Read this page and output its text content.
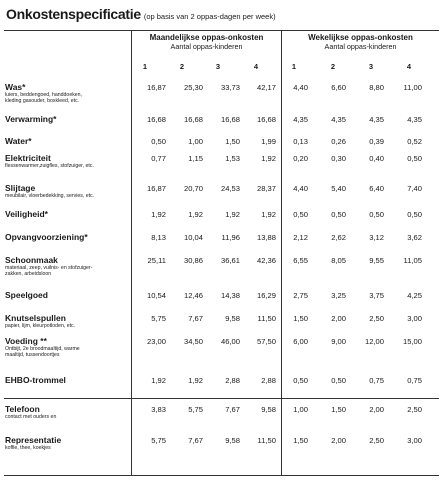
Onkostenspecificatie (op basis van 2 oppas-dagen per week)
Maandelijkse oppas-onkosten
Aantal oppas-kinderen
Wekelijkse oppas-onkosten
Aantal oppas-kinderen
1	2	3	4	1	2	3	4
Was*
luiers, beddengoed, handdoeken,
kleding gasouder, boxkleed, etc.
16,87	25,30	33,73	42,17	4,40	6,60	8,80	11,00
Verwarming*	16,68	16,68	16,68	16,68	4,35	4,35	4,35	4,35
Water*	0,50	1,00	1,50	1,99	0,13	0,26	0,39	0,52
Elektriciteit
flessenwarmer,zuigfles, stofzuiger, etc.
0,77	1,15	1,53	1,92	0,20	0,30	0,40	0,50
Slijtage
meubilair, vloerbedekking, servies, etc.
16,87	20,70	24,53	28,37	4,40	5,40	6,40	7,40
Veiligheid*	1,92	1,92	1,92	1,92	0,50	0,50	0,50	0,50
Opvangvoorziening*	8,13	10,04	11,96	13,88	2,12	2,62	3,12	3,62
Schoonmaak
materiaal, zeep, vuilnis- en stofzuiger-
zakken, arbeidsloon
25,11	30,86	36,61	42,36	6,55	8,05	9,55	11,05
Speelgoed	10,54	12,46	14,38	16,29	2,75	3,25	3,75	4,25
Knutselspullen
papier, lijm, kleurpotloden, etc.
5,75	7,67	9,58	11,50	1,50	2,00	2,50	3,00
Voeding **
Ontbijt, 2e broodmaaltijd, warme
maaltijd, tussendoortjes
23,00	34,50	46,00	57,50	6,00	9,00	12,00	15,00
EHBO-trommel	1,92	1,92	2,88	2,88	0,50	0,50	0,75	0,75
Telefoon
contact met ouders en
3,83	5,75	7,67	9,58	1,00	1,50	2,00	2,50
Representatie
koffie, thee, koekjes
5,75	7,67	9,58	11,50	1,50	2,00	2,50	3,00
